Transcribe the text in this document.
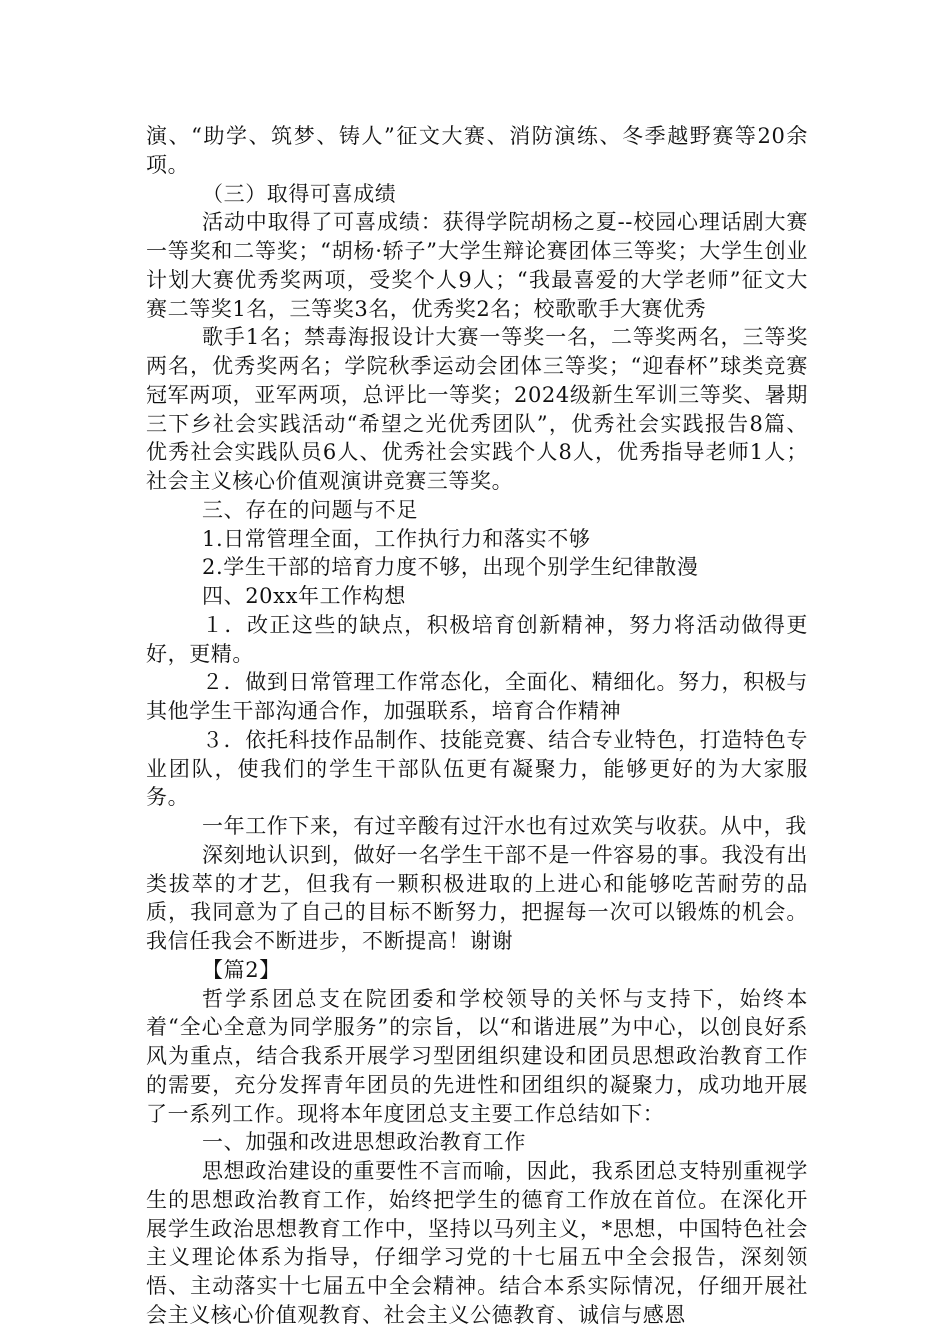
演、“助学、筑梦、铸人”征文大赛、消防演练、冬季越野赛等20余项。

（三）取得可喜成绩

活动中取得了可喜成绩：获得学院胡杨之夏--校园心理话剧大赛一等奖和二等奖；“胡杨·轿子”大学生辩论赛团体三等奖；大学生创业计划大赛优秀奖两项，受奖个人9人；“我最喜爱的大学老师”征文大赛二等奖1名，三等奖3名，优秀奖2名；校歌歌手大赛优秀

歌手1名；禁毒海报设计大赛一等奖一名，二等奖两名，三等奖两名，优秀奖两名；学院秋季运动会团体三等奖；“迎春杯”球类竞赛冠军两项，亚军两项，总评比一等奖；2024级新生军训三等奖、暑期三下乡社会实践活动“希望之光优秀团队”，优秀社会实践报告8篇、优秀社会实践队员6人、优秀社会实践个人8人，优秀指导老师1人；社会主义核心价值观演讲竞赛三等奖。

三、存在的问题与不足

1.日常管理全面，工作执行力和落实不够

2.学生干部的培育力度不够，出现个别学生纪律散漫

四、20xx年工作构想

１．改正这些的缺点，积极培育创新精神，努力将活动做得更好，更精。

２．做到日常管理工作常态化，全面化、精细化。努力，积极与其他学生干部沟通合作，加强联系，培育合作精神

３．依托科技作品制作、技能竞赛、结合专业特色，打造特色专业团队，使我们的学生干部队伍更有凝聚力，能够更好的为大家服务。

一年工作下来，有过辛酸有过汗水也有过欢笑与收获。从中，我

深刻地认识到，做好一名学生干部不是一件容易的事。我没有出类拔萃的才艺，但我有一颗积极进取的上进心和能够吃苦耐劳的品质，我同意为了自己的目标不断努力，把握每一次可以锻炼的机会。我信任我会不断进步，不断提高！谢谢

【篇2】

哲学系团总支在院团委和学校领导的关怀与支持下，始终本着“全心全意为同学服务”的宗旨，以“和谐进展”为中心，以创良好系风为重点，结合我系开展学习型团组织建设和团员思想政治教育工作的需要，充分发挥青年团员的先进性和团组织的凝聚力，成功地开展了一系列工作。现将本年度团总支主要工作总结如下：

一、加强和改进思想政治教育工作

思想政治建设的重要性不言而喻，因此，我系团总支特别重视学生的思想政治教育工作，始终把学生的德育工作放在首位。在深化开展学生政治思想教育工作中，坚持以马列主义，*思想，中国特色社会主义理论体系为指导，仔细学习党的十七届五中全会报告，深刻领悟、主动落实十七届五中全会精神。结合本系实际情况，仔细开展社会主义核心价值观教育、社会主义公德教育、诚信与感恩
